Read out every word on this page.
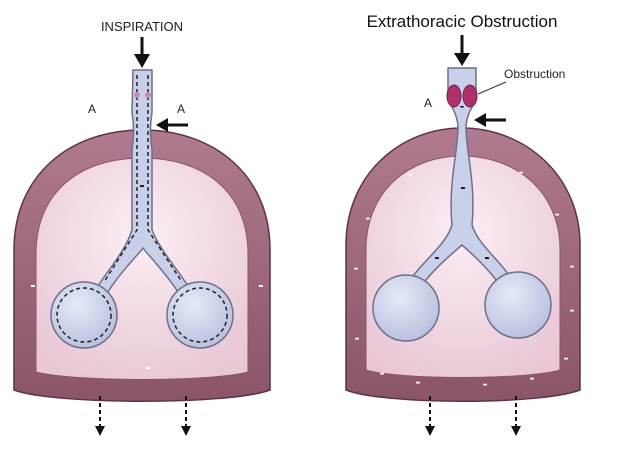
INSPIRATION
A	A
-
-	-
-
Extrathoracic Obstruction
Obstruction
A	-
-
-	-
-	-
-	-
-	-
-
-
-
-	-	-
-
